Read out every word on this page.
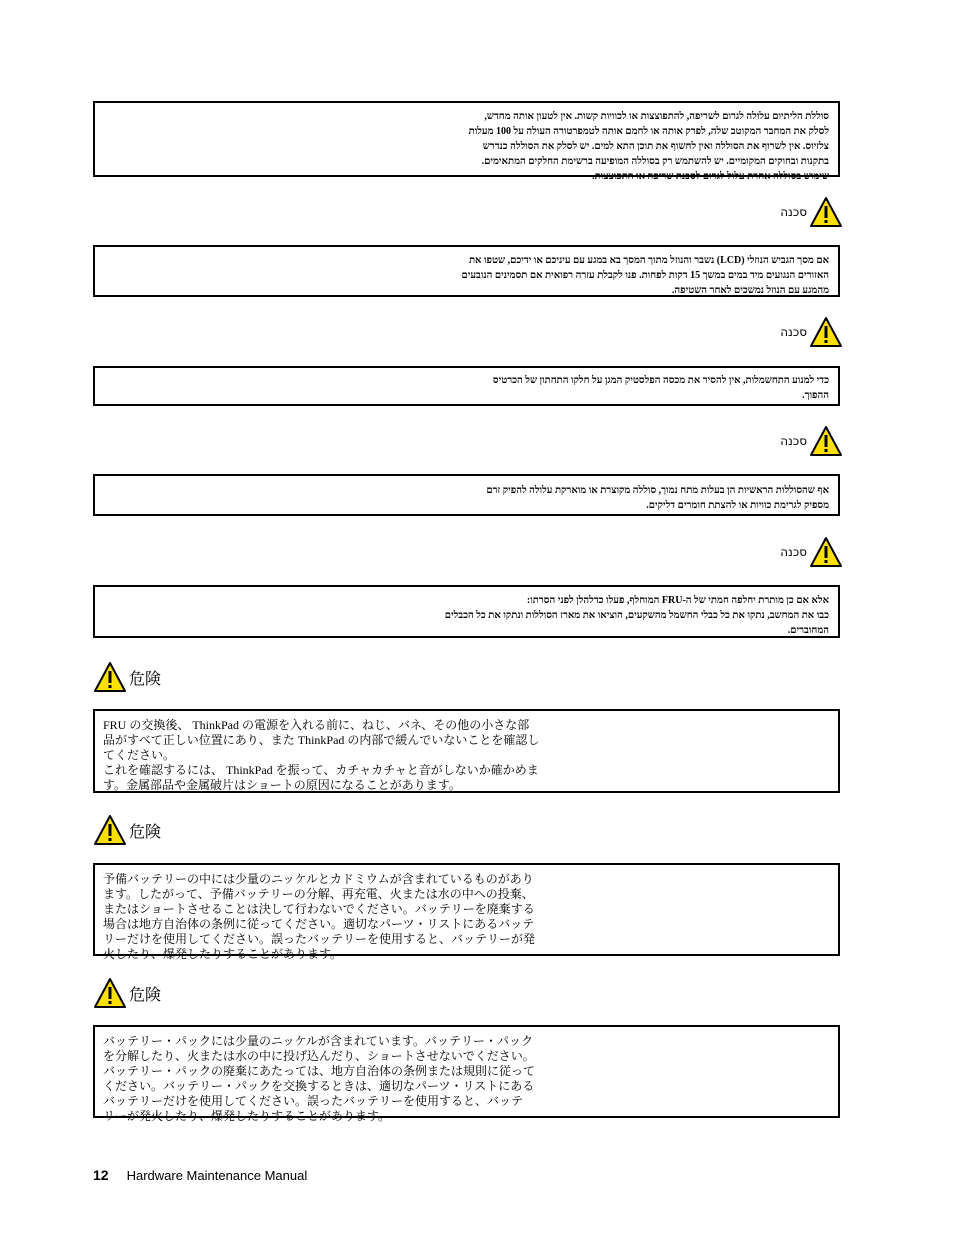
סוללת הליתיום עלולה לגרום לשריפה, להתפוצצות או לכוויות קשות. אין לטעון אותה מחדש,
לסלק את המחבר המקוטב שלה, לפרק אותה או לחמם אותה לטמפרטורה העולה על 100 מעלות
צלזיוס. אין לשרוף את הסוללה ואין לחשוף את תוכן התא למים. יש לסלק את הסוללה כנדרש
בתקנות ובחוקים המקומיים. יש להשתמש רק בסוללה המופיעה ברשימת החלקים המתאימים.
שימוש בסוללה אחרת עלול לגרום לסכנת שריפה או התפוצצות.
סכנה
אם מסך הגביש הנוזלי (LCD) נשבר והנוזל מתוך המסך בא במגע עם עיניכם או ידיכם, שטפו את
האזורים הנגועים מיד במים במשך 15 דקות לפחות. פנו לקבלת עזרה רפואית אם תסמינים הנובעים
מהמגע עם הנוזל נמשכים לאחר השטיפה.
סכנה
כדי למנוע התחשמלות, אין להסיר את מכסה הפלסטיק המגן על חלקו התחתון של הכרטיס
ההפוך.
סכנה
אף שהסוללות הראשיות הן בעלות מתח נמוך, סוללה מקוצרת או מוארקת עלולה להפיק זרם
מספיק לגרימת כוויות או להצתת חומרים דליקים.
סכנה
אלא אם כן מותרת יחלפה חמתי של ה-FRU המוחלף, פעלו כדלהלן לפני הסרתו:
כבו את המחשב, נתקו את כל כבלי החשמל מהשקעים, הוציאו את מארז הסוללות ונתקו את כל הכבלים
המחוברים.
危険
FRU の交換後、 ThinkPad の電源を入れる前に、ねじ、バネ、その他の小さな部
品がすべて正しい位置にあり、また ThinkPad の内部で緩んでいないことを確認し
てください。
これを確認するには、 ThinkPad を振って、カチャカチャと音がしないか確かめま
す。金属部品や金属破片はショートの原因になることがあります。
危険
予備バッテリーの中には少量のニッケルとカドミウムが含まれているものがあり
ます。したがって、予備バッテリーの分解、再充電、火または水の中への投棄、
またはショートさせることは決して行わないでください。バッテリーを廃棄する
場合は地方自治体の条例に従ってください。適切なパーツ・リストにあるバッテ
リーだけを使用してください。誤ったバッテリーを使用すると、バッテリーが発
火したり、爆発したりすることがあります。
危険
バッテリー・パックには少量のニッケルが含まれています。バッテリー・パック
を分解したり、火または水の中に投げ込んだり、ショートさせないでください。
バッテリー・パックの廃棄にあたっては、地方自治体の条例または規則に従って
ください。バッテリー・パックを交換するときは、適切なパーツ・リストにある
バッテリーだけを使用してください。誤ったバッテリーを使用すると、バッテ
リーが発火したり、爆発したりすることがあります。
12 Hardware Maintenance Manual
